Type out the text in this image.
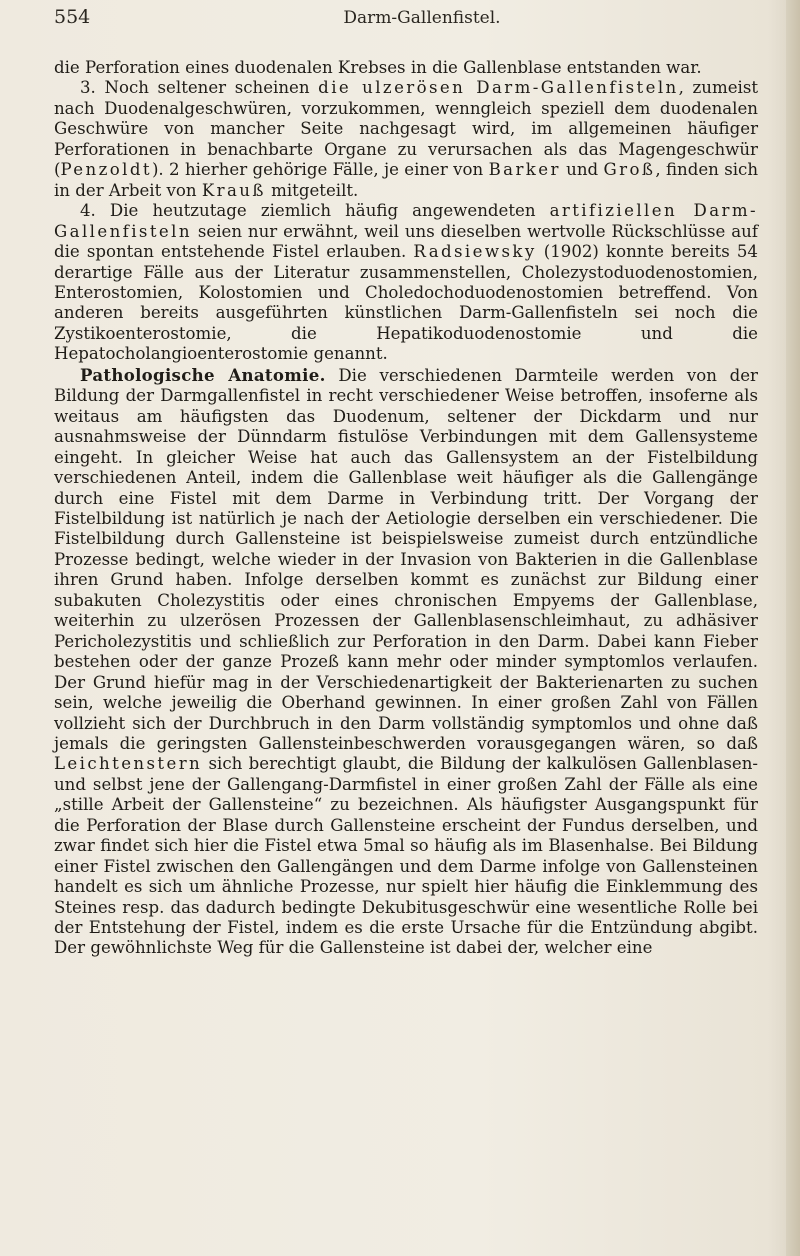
554	Darm-Gallenfistel.

die Perforation eines duodenalen Krebses in die Gallenblase entstanden war.

3. Noch seltener scheinen die ulzerösen Darm-Gallenfisteln, zumeist nach Duodenalgeschwüren, vorzukommen, wenngleich speziell dem duodenalen Geschwüre von mancher Seite nachgesagt wird, im allgemeinen häufiger Perforationen in benachbarte Organe zu verursachen als das Magengeschwür (Penzoldt). 2 hierher gehörige Fälle, je einer von Barker und Groß, finden sich in der Arbeit von Krauß mitgeteilt.

4. Die heutzutage ziemlich häufig angewendeten artifiziellen Darm-Gallenfisteln seien nur erwähnt, weil uns dieselben wertvolle Rückschlüsse auf die spontan entstehende Fistel erlauben. Radsiewsky (1902) konnte bereits 54 derartige Fälle aus der Literatur zusammenstellen, Cholezystoduodenostomien, Enterostomien, Kolostomien und Choledochoduodenostomien betreffend. Von anderen bereits ausgeführten künstlichen Darm-Gallenfisteln sei noch die Zystikoenterostomie, die Hepatikoduodenostomie und die Hepatocholangioenterostomie genannt.

Pathologische Anatomie. Die verschiedenen Darmteile werden von der Bildung der Darmgallenfistel in recht verschiedener Weise betroffen, insoferne als weitaus am häufigsten das Duodenum, seltener der Dickdarm und nur ausnahmsweise der Dünndarm fistulöse Verbindungen mit dem Gallensysteme eingeht. In gleicher Weise hat auch das Gallensystem an der Fistelbildung verschiedenen Anteil, indem die Gallenblase weit häufiger als die Gallengänge durch eine Fistel mit dem Darme in Verbindung tritt. Der Vorgang der Fistelbildung ist natürlich je nach der Aetiologie derselben ein verschiedener. Die Fistelbildung durch Gallensteine ist beispielsweise zumeist durch entzündliche Prozesse bedingt, welche wieder in der Invasion von Bakterien in die Gallenblase ihren Grund haben. Infolge derselben kommt es zunächst zur Bildung einer subakuten Cholezystitis oder eines chronischen Empyems der Gallenblase, weiterhin zu ulzerösen Prozessen der Gallenblasenschleimhaut, zu adhäsiver Pericholezystitis und schließlich zur Perforation in den Darm. Dabei kann Fieber bestehen oder der ganze Prozeß kann mehr oder minder symptomlos verlaufen. Der Grund hiefür mag in der Verschiedenartigkeit der Bakterienarten zu suchen sein, welche jeweilig die Oberhand gewinnen. In einer großen Zahl von Fällen vollzieht sich der Durchbruch in den Darm vollständig symptomlos und ohne daß jemals die geringsten Gallensteinbeschwerden vorausgegangen wären, so daß Leichtenstern sich berechtigt glaubt, die Bildung der kalkulösen Gallenblasen- und selbst jene der Gallengang-Darmfistel in einer großen Zahl der Fälle als eine „stille Arbeit der Gallensteine“ zu bezeichnen. Als häufigster Ausgangspunkt für die Perforation der Blase durch Gallensteine erscheint der Fundus derselben, und zwar findet sich hier die Fistel etwa 5mal so häufig als im Blasenhalse. Bei Bildung einer Fistel zwischen den Gallengängen und dem Darme infolge von Gallensteinen handelt es sich um ähnliche Prozesse, nur spielt hier häufig die Einklemmung des Steines resp. das dadurch bedingte Dekubitusgeschwür eine wesentliche Rolle bei der Entstehung der Fistel, indem es die erste Ursache für die Entzündung abgibt. Der gewöhnlichste Weg für die Gallensteine ist dabei der, welcher eine
